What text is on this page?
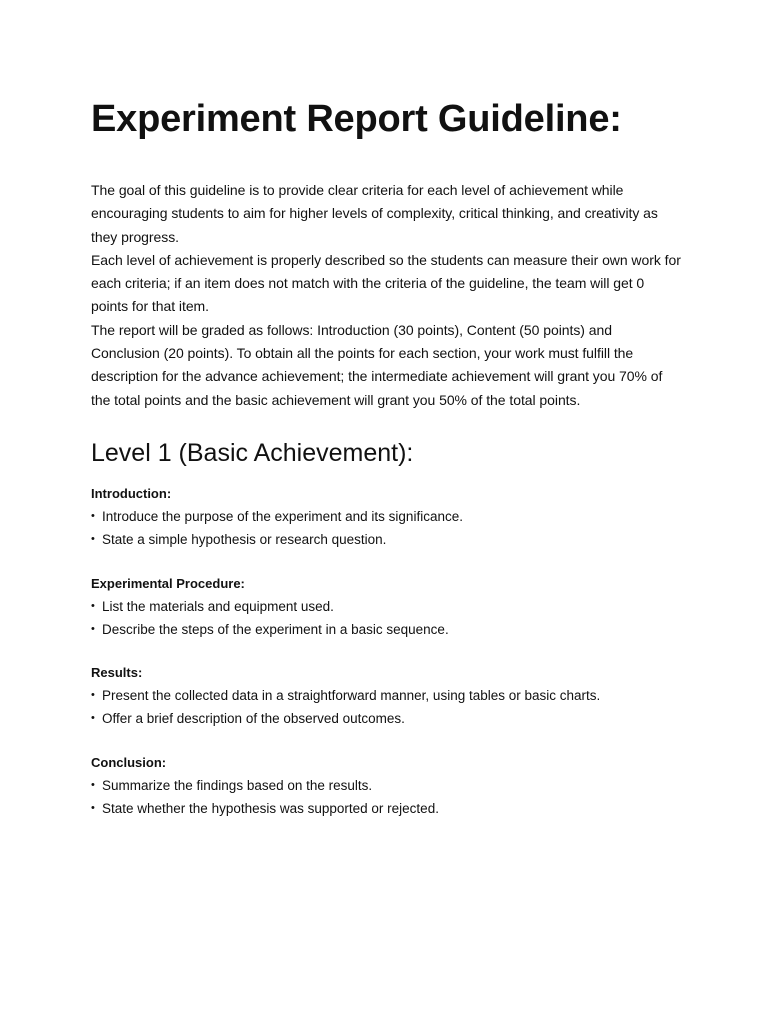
Experiment Report Guideline:

The goal of this guideline is to provide clear criteria for each level of achievement while encouraging students to aim for higher levels of complexity, critical thinking, and creativity as they progress.

Each level of achievement is properly described so the students can measure their own work for each criteria; if an item does not match with the criteria of the guideline, the team will get 0 points for that item.

The report will be graded as follows: Introduction (30 points), Content (50 points) and Conclusion (20 points). To obtain all the points for each section, your work must fulfill the description for the advance achievement; the intermediate achievement will grant you 70% of the total points and the basic achievement will grant you 50% of the total points.

Level 1 (Basic Achievement):
Introduction:
• Introduce the purpose of the experiment and its significance.
• State a simple hypothesis or research question.
Experimental Procedure:
• List the materials and equipment used.
• Describe the steps of the experiment in a basic sequence.
Results:
• Present the collected data in a straightforward manner, using tables or basic charts.
• Offer a brief description of the observed outcomes.
Conclusion:
• Summarize the findings based on the results.
• State whether the hypothesis was supported or rejected.
